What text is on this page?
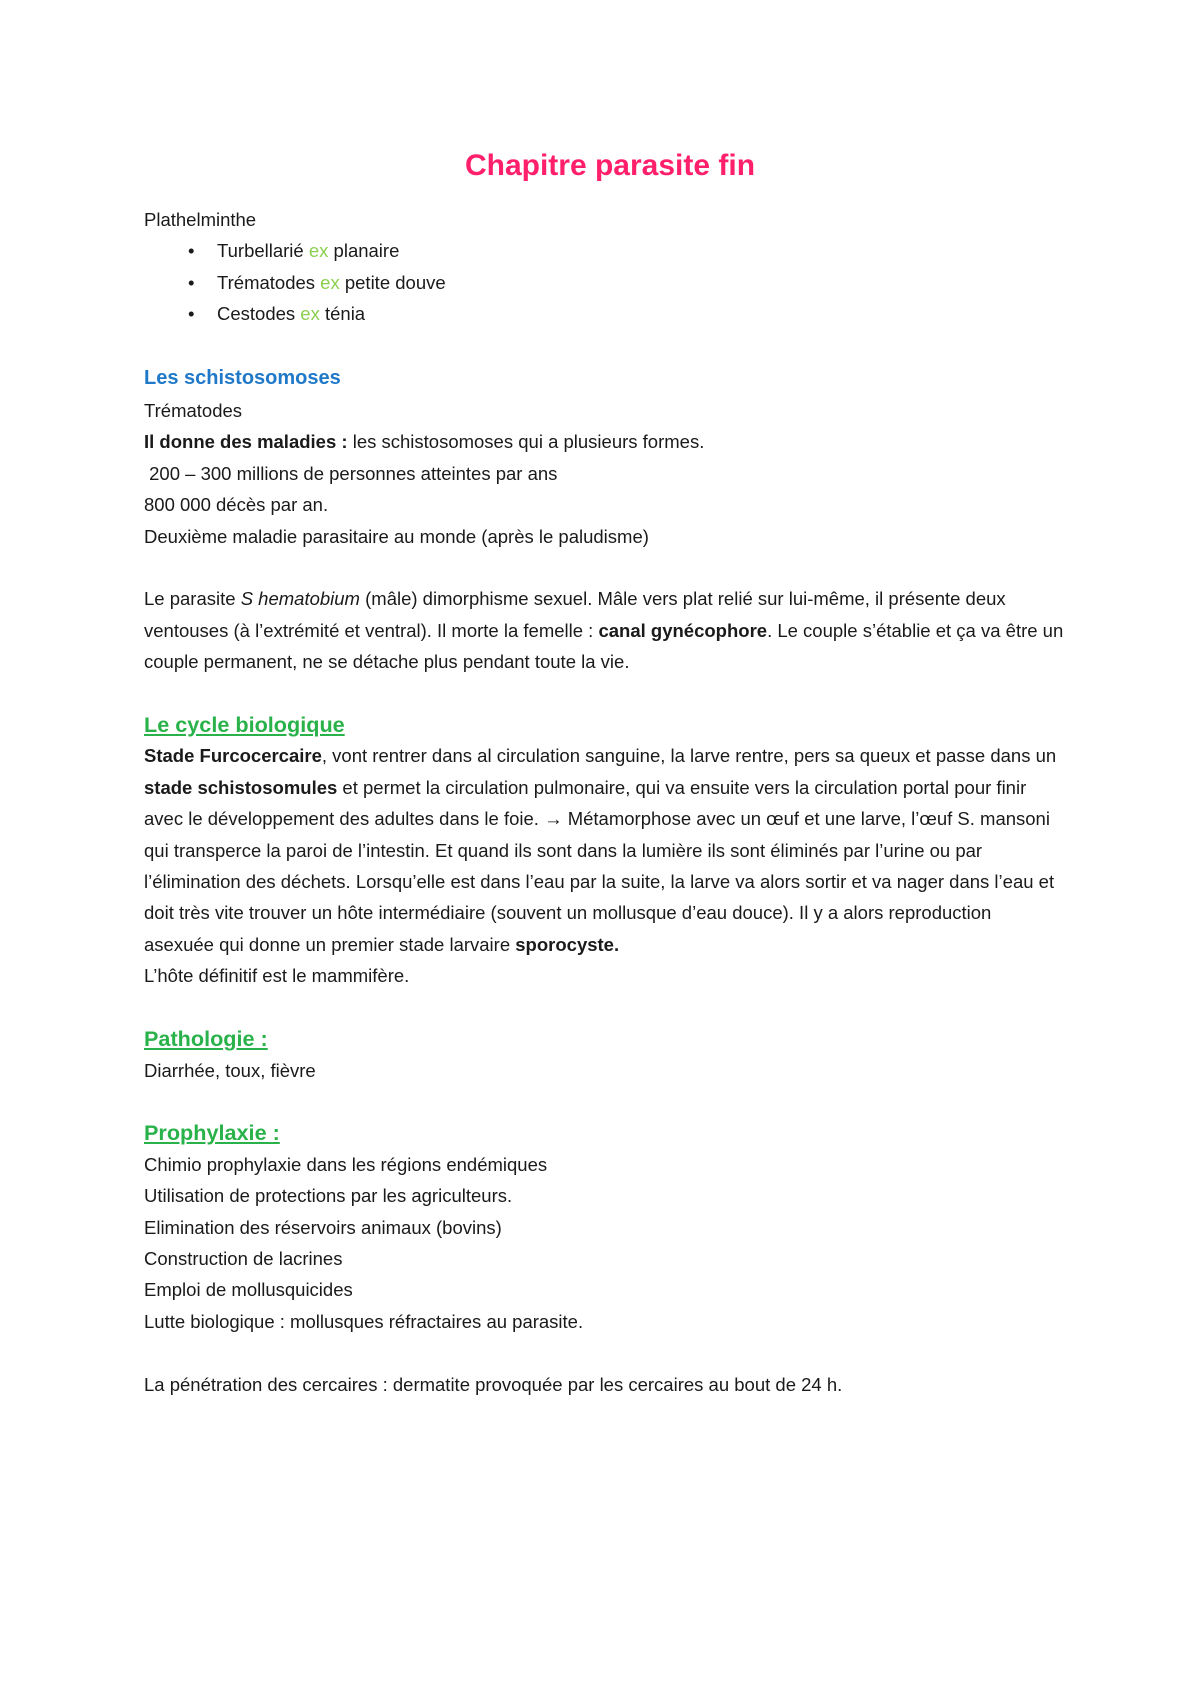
Chapitre parasite fin

Plathelminthe

• Turbellarié ex planaire
• Trématodes ex petite douve
• Cestodes ex ténia
Les schistosomoses

Trématodes

Il donne des maladies : les schistosomoses qui a plusieurs formes.

200 – 300 millions de personnes atteintes par ans

800 000 décès par an.

Deuxième maladie parasitaire au monde (après le paludisme)

Le parasite S hematobium (mâle) dimorphisme sexuel. Mâle vers plat relié sur lui-même, il présente deux ventouses (à l’extrémité et ventral). Il morte la femelle : canal gynécophore. Le couple s’établie et ça va être un couple permanent, ne se détache plus pendant toute la vie.

Le cycle biologique

Stade Furcocercaire, vont rentrer dans al circulation sanguine, la larve rentre, pers sa queux et passe dans un stade schistosomules et permet la circulation pulmonaire, qui va ensuite vers la circulation portal pour finir avec le développement des adultes dans le foie. → Métamorphose avec un œuf et une larve, l’œuf S. mansoni qui transperce la paroi de l’intestin. Et quand ils sont dans la lumière ils sont éliminés par l’urine ou par l’élimination des déchets. Lorsqu’elle est dans l’eau par la suite, la larve va alors sortir et va nager dans l’eau et doit très vite trouver un hôte intermédiaire (souvent un mollusque d’eau douce). Il y a alors reproduction asexuée qui donne un premier stade larvaire sporocyste.

L’hôte définitif est le mammifère.

Pathologie :

Diarrhée, toux, fièvre

Prophylaxie :

Chimio prophylaxie dans les régions endémiques

Utilisation de protections par les agriculteurs.

Elimination des réservoirs animaux (bovins)

Construction de lacrines

Emploi de mollusquicides

Lutte biologique : mollusques réfractaires au parasite.

La pénétration des cercaires : dermatite provoquée par les cercaires au bout de 24 h.
